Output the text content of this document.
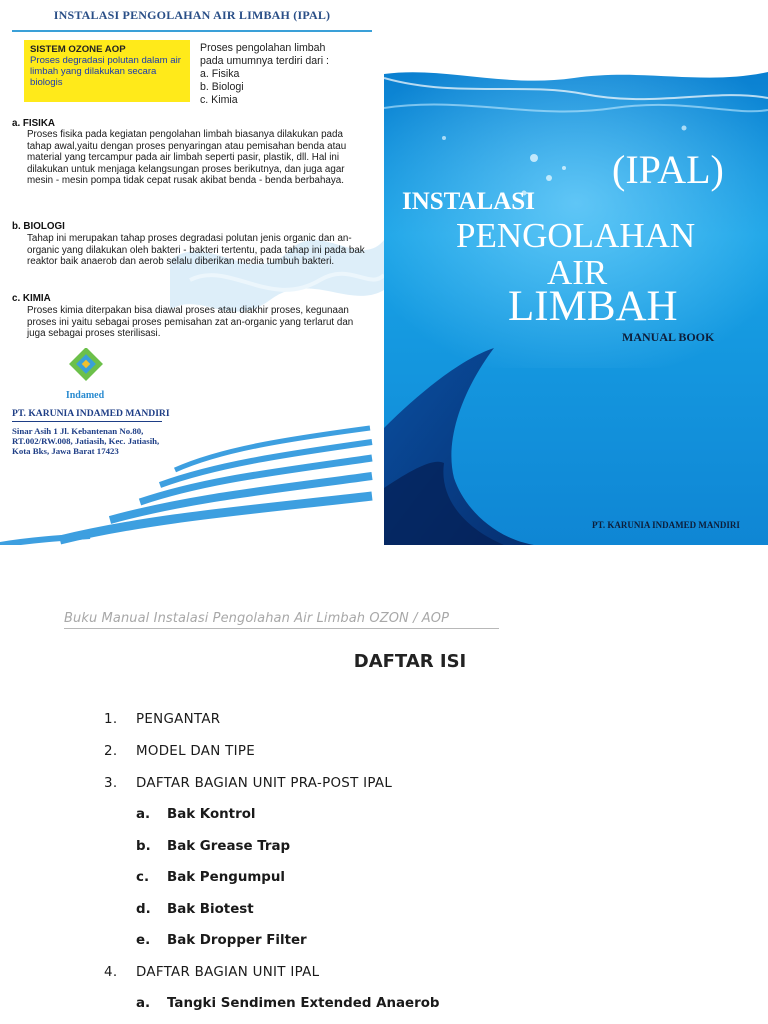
INSTALASI PENGOLAHAN AIR LIMBAH (IPAL)
SISTEM OZONE AOP
Proses degradasi polutan dalam air limbah yang dilakukan secara biologis
Proses pengolahan limbah
pada umumnya terdiri dari :
a. Fisika
b. Biologi
c. Kimia
a. FISIKA
Proses fisika pada kegiatan pengolahan limbah biasanya dilakukan pada tahap awal,yaitu dengan proses penyaringan atau pemisahan benda atau material yang tercampur pada air limbah seperti pasir, plastik, dll. Hal ini dilakukan untuk menjaga kelangsungan proses berikutnya, dan juga agar mesin - mesin pompa tidak cepat rusak akibat benda - benda berbahaya.
b. BIOLOGI
Tahap ini merupakan tahap proses degradasi polutan jenis organic dan an-organic yang dilakukan oleh bakteri - bakteri tertentu, pada tahap ini pada bak reaktor baik anaerob dan aerob selalu diberikan media tumbuh bakteri.
c. KIMIA
Proses kimia diterpakan bisa diawal proses atau diakhir proses, kegunaan proses ini yaitu sebagai proses pemisahan zat an-organic yang terlarut dan juga sebagai proses sterilisasi.
Indamed
PT. KARUNIA INDAMED MANDIRI
Sinar Asih 1 Jl. Kebantenan No.80,
RT.002/RW.008, Jatiasih, Kec. Jatiasih,
Kota Bks, Jawa Barat 17423
(IPAL)
INSTALASI
PENGOLAHAN
AIR
LIMBAH
MANUAL BOOK
PT. KARUNIA INDAMED MANDIRI
Buku Manual Instalasi Pengolahan Air Limbah OZON / AOP
DAFTAR ISI
1. PENGANTAR
2. MODEL DAN TIPE
3. DAFTAR BAGIAN UNIT PRA-POST IPAL
a. Bak Kontrol
b. Bak Grease Trap
c. Bak Pengumpul
d. Bak Biotest
e. Bak Dropper Filter
4. DAFTAR BAGIAN UNIT IPAL
a. Tangki Sendimen Extended Anaerob
